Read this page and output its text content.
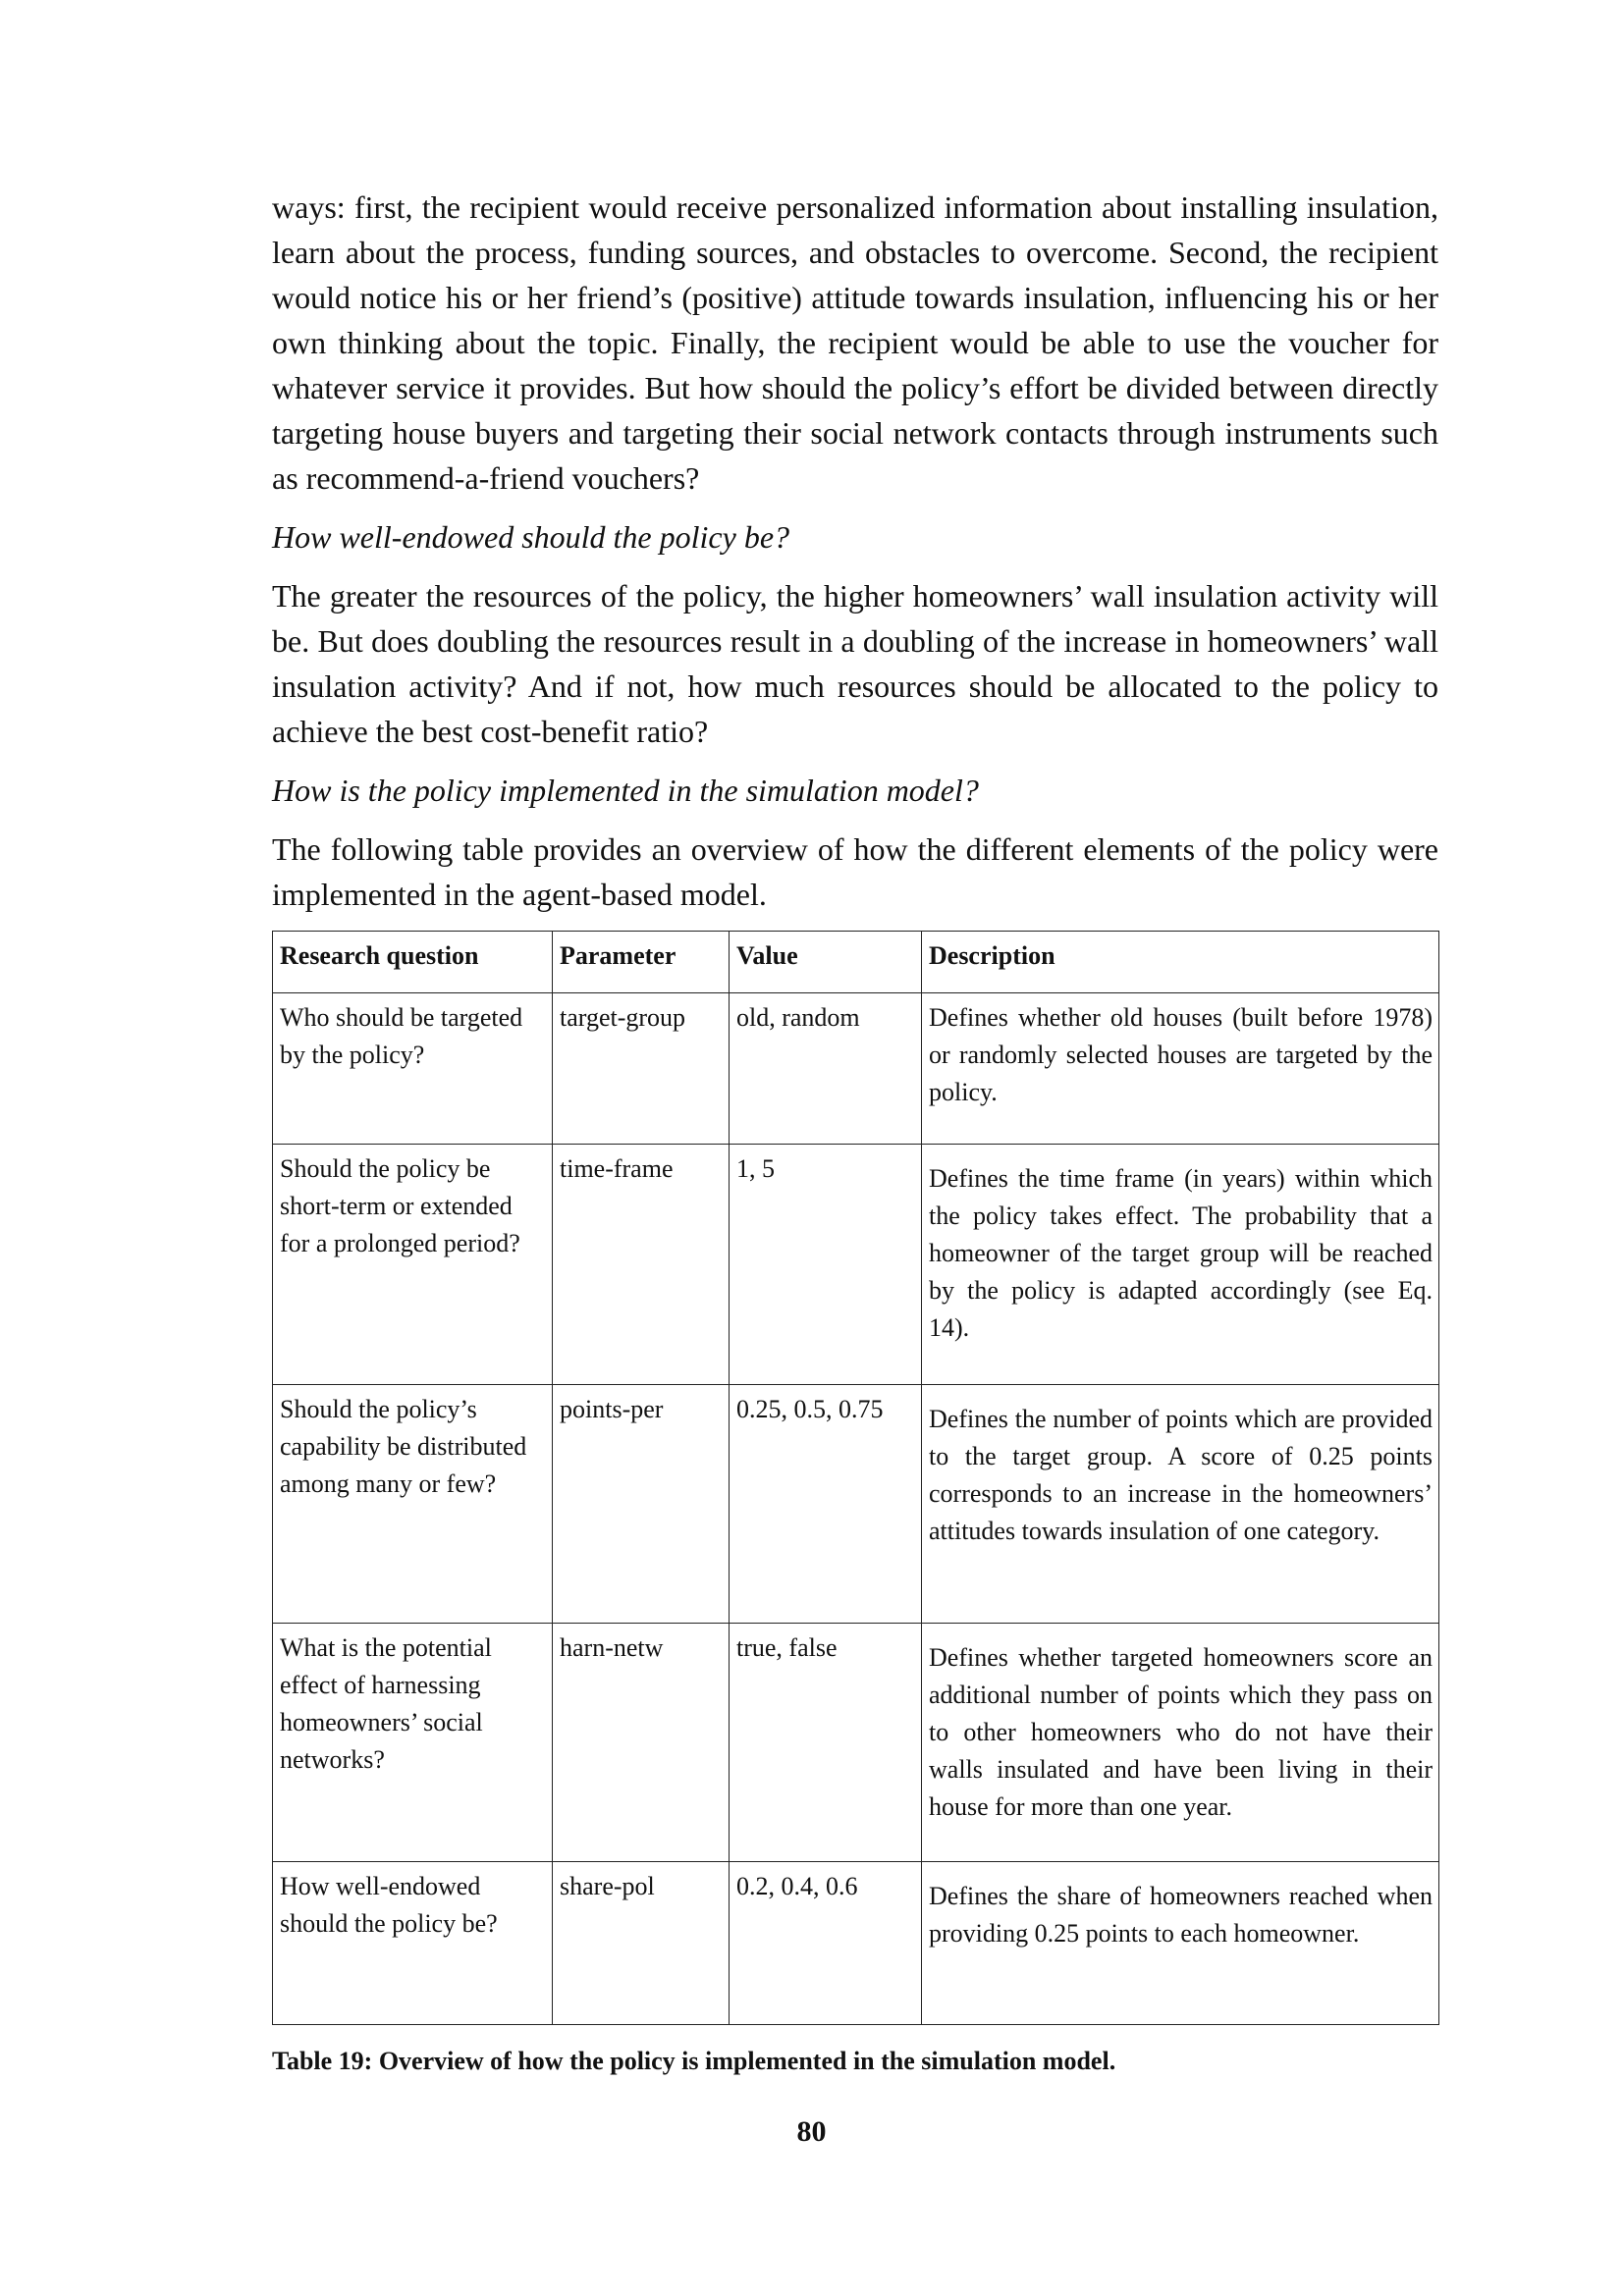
ways: first, the recipient would receive personalized information about installing insulation, learn about the process, funding sources, and obstacles to overcome. Second, the recipient would notice his or her friend’s (positive) attitude towards insulation, influencing his or her own thinking about the topic. Finally, the recipient would be able to use the voucher for whatever service it provides. But how should the policy’s effort be divided between directly targeting house buyers and targeting their social network contacts through instruments such as recommend-a-friend vouchers?

How well-endowed should the policy be?

The greater the resources of the policy, the higher homeowners’ wall insulation activity will be. But does doubling the resources result in a doubling of the increase in homeowners’ wall insulation activity? And if not, how much resources should be allocated to the policy to achieve the best cost-benefit ratio?

How is the policy implemented in the simulation model?

The following table provides an overview of how the different elements of the policy were implemented in the agent-based model.

Research question	Parameter	Value	Description
Who should be targeted by the policy?	target-group	old, random	Defines whether old houses (built before 1978) or randomly selected houses are targeted by the policy.
Should the policy be short-term or extended for a prolonged period?	time-frame	1, 5	Defines the time frame (in years) within which the policy takes effect. The probability that a homeowner of the target group will be reached by the policy is adapted accordingly (see Eq. 14).
Should the policy’s capability be distributed among many or few?	points-per	0.25, 0.5, 0.75	Defines the number of points which are provided to the target group. A score of 0.25 points corresponds to an increase in the homeowners’ attitudes towards insulation of one category.
What is the potential effect of harnessing homeowners’ social networks?	harn-netw	true, false	Defines whether targeted homeowners score an additional number of points which they pass on to other homeowners who do not have their walls insulated and have been living in their house for more than one year.
How well-endowed should the policy be?	share-pol	0.2, 0.4, 0.6	Defines the share of homeowners reached when providing 0.25 points to each homeowner.
Table 19: Overview of how the policy is implemented in the simulation model.
80
